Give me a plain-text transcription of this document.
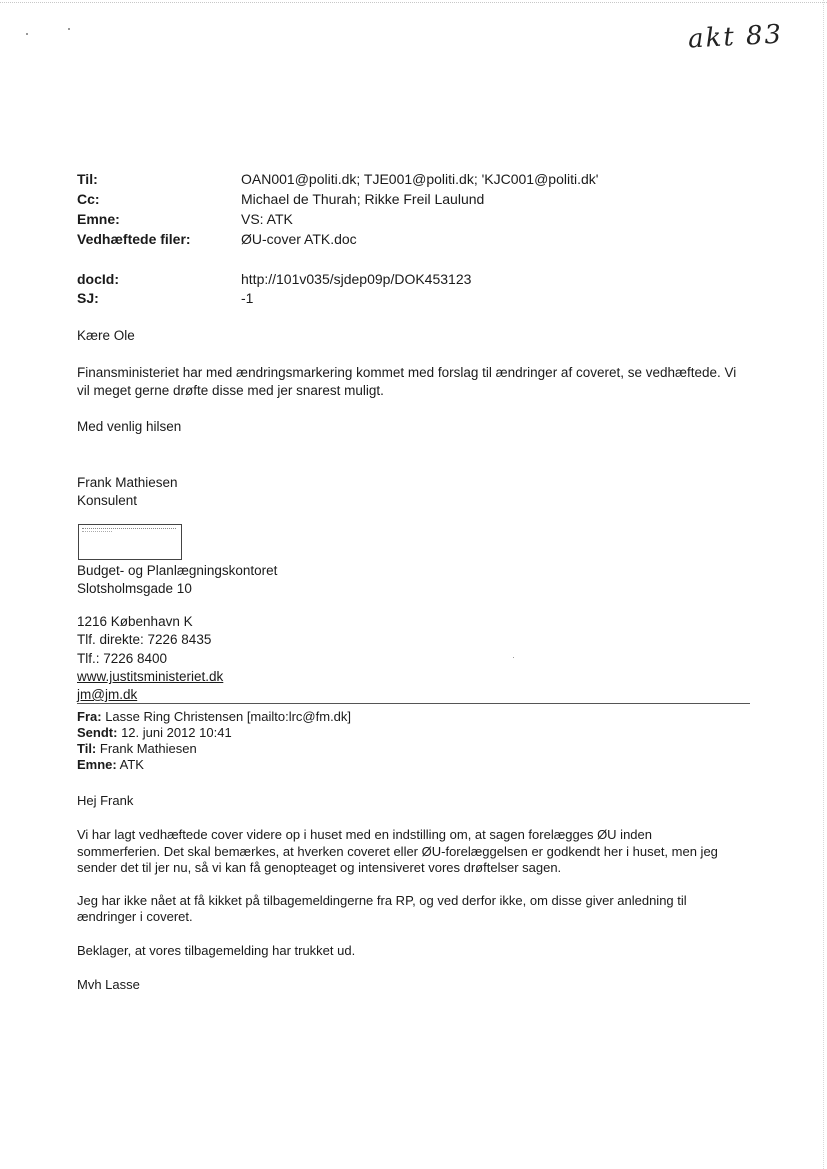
akt 83
Til:	OAN001@politi.dk; TJE001@politi.dk; 'KJC001@politi.dk'
Cc:	Michael de Thurah; Rikke Freil Laulund
Emne:	VS: ATK
Vedhæftede filer:	ØU-cover ATK.doc
docId:	http://101v035/sjdep09p/DOK453123
SJ:	-1
Kære Ole
Finansministeriet har med ændringsmarkering kommet med forslag til ændringer af coveret, se vedhæftede. Vi
vil meget gerne drøfte disse med jer snarest muligt.
Med venlig hilsen
Frank Mathiesen
Konsulent
Budget- og Planlægningskontoret
Slotsholmsgade 10
1216 København K
Tlf. direkte: 7226 8435
Tlf.: 7226 8400
www.justitsministeriet.dk
jm@jm.dk
Fra: Lasse Ring Christensen [mailto:lrc@fm.dk]
Sendt: 12. juni 2012 10:41
Til: Frank Mathiesen
Emne: ATK
Hej Frank
Vi har lagt vedhæftede cover videre op i huset med en indstilling om, at sagen forelægges ØU inden
sommerferien. Det skal bemærkes, at hverken coveret eller ØU-forelæggelsen er godkendt her i huset, men jeg
sender det til jer nu, så vi kan få genopteaget og intensiveret vores drøftelser sagen.
Jeg har ikke nået at få kikket på tilbagemeldingerne fra RP, og ved derfor ikke, om disse giver anledning til
ændringer i coveret.
Beklager, at vores tilbagemelding har trukket ud.
Mvh Lasse
